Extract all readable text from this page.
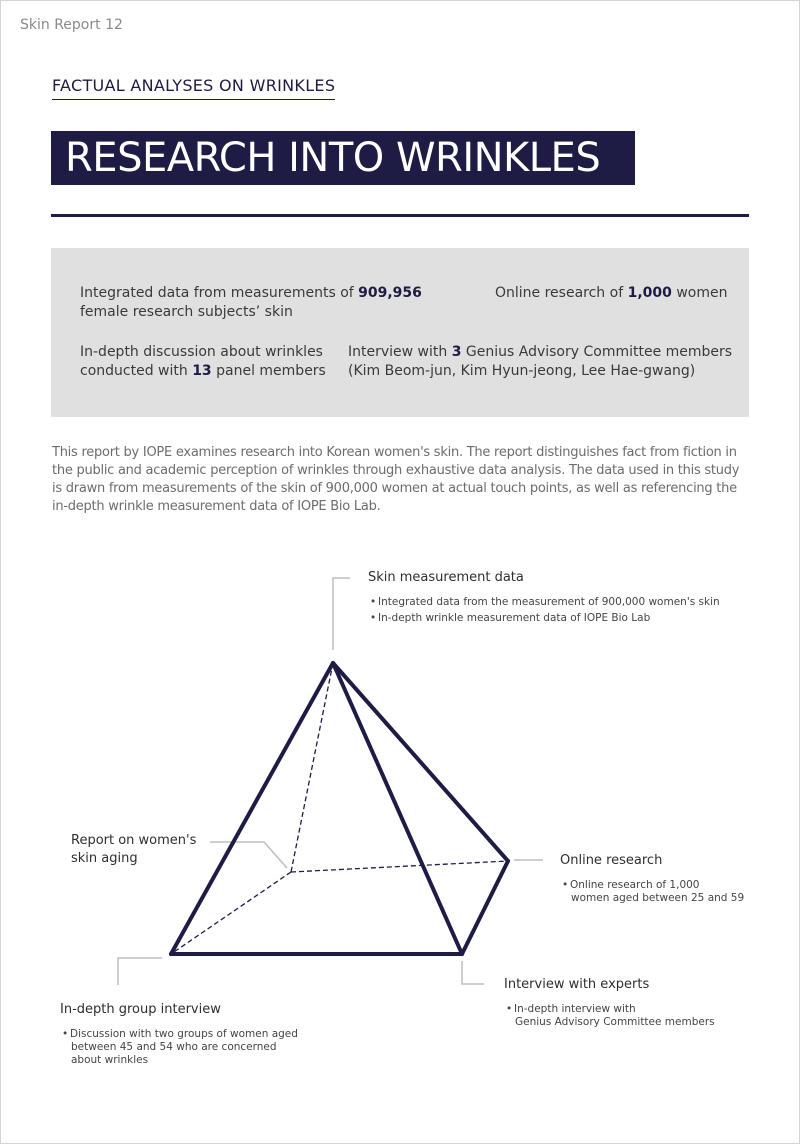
Skin Report 12
FACTUAL ANALYSES ON WRINKLES
RESEARCH INTO WRINKLES
Integrated data from measurements of 909,956
female research subjects’ skin
Online research of 1,000 women
In-depth discussion about wrinkles
conducted with 13 panel members
Interview with 3 Genius Advisory Committee members
(Kim Beom-jun, Kim Hyun-jeong, Lee Hae-gwang)
This report by IOPE examines research into Korean women's skin. The report distinguishes fact from fiction in the public and academic perception of wrinkles through exhaustive data analysis. The data used in this study is drawn from measurements of the skin of 900,000 women at actual touch points, as well as referencing the in-depth wrinkle measurement data of IOPE Bio Lab.
Skin measurement data
• Integrated data from the measurement of 900,000 women's skin
• In-depth wrinkle measurement data of IOPE Bio Lab
Report on women's
skin aging	Online research
• Online research of 1,000
women aged between 25 and 59
Interview with experts
• In-depth interview with
Genius Advisory Committee members
In-depth group interview
• Discussion with two groups of women aged
between 45 and 54 who are concerned
about wrinkles
